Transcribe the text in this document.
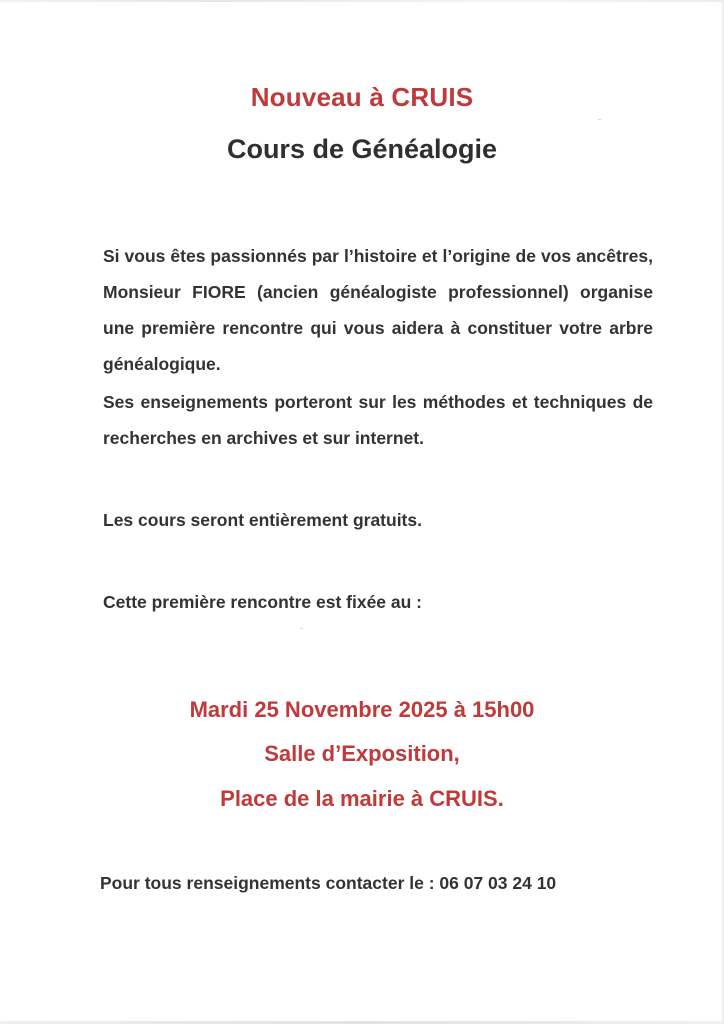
Nouveau à CRUIS
Cours de Généalogie
Si vous êtes passionnés par l’histoire et l’origine de vos ancêtres, Monsieur FIORE (ancien généalogiste professionnel) organise une première rencontre qui vous aidera à constituer votre arbre généalogique.
Ses enseignements porteront sur les méthodes et techniques de recherches en archives et sur internet.
Les cours seront entièrement gratuits.
Cette première rencontre est fixée au :
Mardi 25 Novembre 2025 à 15h00
Salle d’Exposition,
Place de la mairie à CRUIS.
Pour tous renseignements contacter le : 06 07 03 24 10
